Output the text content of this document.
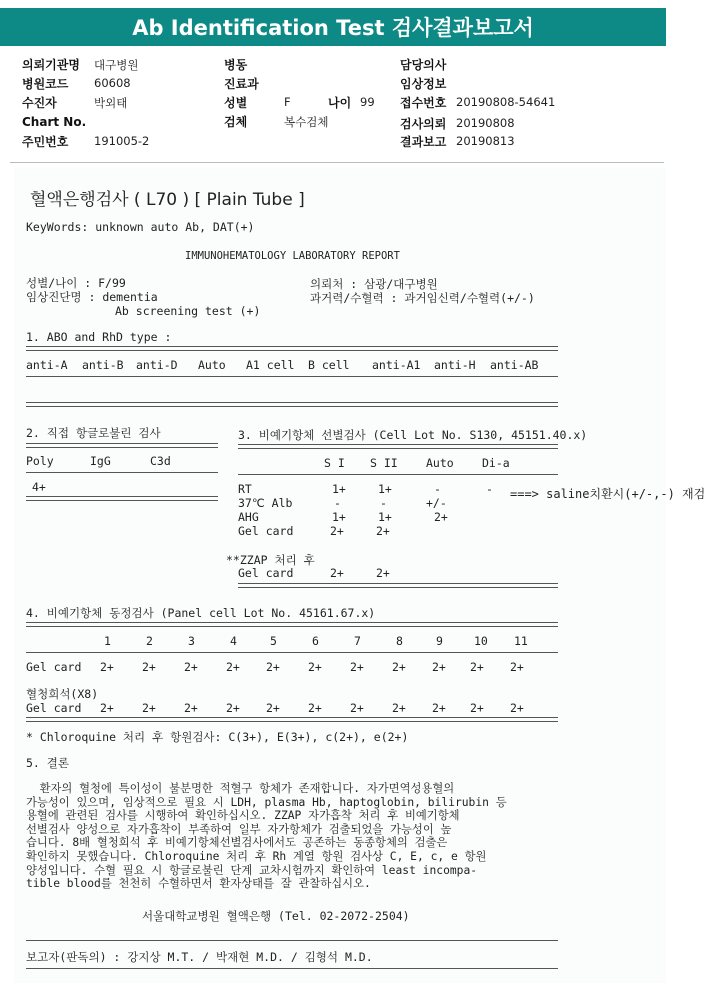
Ab Identification Test 검사결과보고서
의뢰기관명 대구병원
병원코드 60608
수진자	박외태
Chart No.
주민번호 191005-2
병동
진료과
성별	F	나이 99
검체	복수검체
담당의사
임상정보
접수번호 20190808-54641
검사의뢰 20190808
결과보고 20190813
혈액은행검사 ( L70 ) [ Plain Tube ]
KeyWords: unknown auto Ab, DAT(+)
IMMUNOHEMATOLOGY LABORATORY REPORT
성별/나이 : F/99
임상진단명 : dementia
Ab screening test (+)
의뢰처 : 삼광/대구병원
과거력/수혈력 : 과거임신력/수혈력(+/-)
1. ABO and RhD type :
anti-A anti-B anti-D Auto A1 cell B cell anti-A1 anti-H anti-AB
2. 직접 항글로불린 검사
Poly	IgG	C3d
4+
3. 비예기항체 선별검사 (Cell Lot No. S130, 45151.40.x)
S I S II Auto Di-a
RT	1+	1+	-	- ===> saline치환시(+/-,-) 재검
37℃ Alb	-	-	+/-
AHG	1+	1+	2+
Gel card	2+	2+
**ZZAP 처리 후
Gel card	2+	2+
4. 비예기항체 동정검사 (Panel cell Lot No. 45161.67.x)
1	2	3	4	5	6	7	8	9	10 11
Gel card 2+ 2+ 2+ 2+ 2+ 2+ 2+ 2+ 2+ 2+ 2+
혈청희석(X8)
Gel card 2+ 2+ 2+ 2+ 2+ 2+ 2+ 2+ 2+ 2+ 2+
* Chloroquine 처리 후 항원검사: C(3+), E(3+), c(2+), e(2+)
5. 결론
환자의 혈청에 특이성이 불분명한 적혈구 항체가 존재합니다. 자가면역성용혈의
가능성이 있으며, 임상적으로 필요 시 LDH, plasma Hb, haptoglobin, bilirubin 등
용혈에 관련된 검사를 시행하여 확인하십시오. ZZAP 자가흡착 처리 후 비예기항체
선별검사 양성으로 자가흡착이 부족하여 일부 자가항체가 검출되었을 가능성이 높
습니다. 8배 혈청희석 후 비예기항체선별검사에서도 공존하는 동종항체의 검출은
확인하지 못했습니다. Chloroquine 처리 후 Rh 계열 항원 검사상 C, E, c, e 항원
양성입니다. 수혈 필요 시 항글로불린 단계 교차시험까지 확인하여 least incompa-
tible blood를 천천히 수혈하면서 환자상태를 잘 관찰하십시오.
서울대학교병원 혈액은행 (Tel. 02-2072-2504)
보고자(판독의) : 강지상 M.T. / 박재현 M.D. / 김형석 M.D.
